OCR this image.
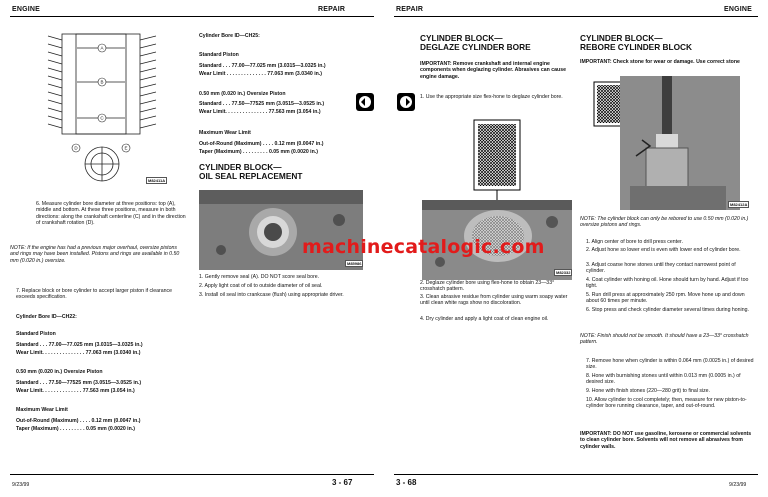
ENGINE	REPAIR
A
B
C
D	E
M82411A
6. Measure cylinder bore diameter at three positions: top (A), middle and bottom. At these three positions, measure in both directions: along the crankshaft centerline (C) and in the direction of crankshaft rotation (D).
NOTE: If the engine has had a previous major overhaul, oversize pistons and rings may have been installed. Pistons and rings are available in 0.50 mm (0.020 in.) oversize.
7. Replace block or bore cylinder to accept larger piston if clearance exceeds specification.
Cylinder Bore ID—CH22:
Standard Piston
Standard . . . 77.00—77.025 mm (3.0315—3.0325 in.)
Wear Limit. . . . . . . . . . . . . . . 77.063 mm (3.0340 in.)
0.50 mm (0.020 in.) Oversize Piston
Standard . . . 77.50—77525 mm (3.0515—3.0525 in.)
Wear Limit. . . . . . . . . . . . . . 77.563 mm (3.054 in.)
Maximum Wear Limit
Out-of-Round (Maximum) . . . . 0.12 mm (0.0047 in.)
Taper (Maximum) . . . . . . . . . 0.05 mm (0.0020 in.)
Cylinder Bore ID—CH25:
Standard Piston
Standard . . . 77.00—77.025 mm (3.0315—3.0325 in.)
Wear Limit . . . . . . . . . . . . . . 77.063 mm (3.0340 in.)
0.50 mm (0.020 in.) Oversize Piston
Standard . . . 77.50—77525 mm (3.0515—3.0525 in.)
Wear Limit. . . . . . . . . . . . . . . 77.563 mm (3.054 in.)
Maximum Wear Limit
Out-of-Round (Maximum) . . . . 0.12 mm (0.0047 in.)
Taper (Maximum) . . . . . . . . . 0.05 mm (0.0020 in.)
CYLINDER BLOCK—
OIL SEAL REPLACEMENT
M85986
1. Gently remove seal (A). DO NOT score seal bore.
2. Apply light coat of oil to outside diameter of oil seal.
3. Install oil seal into crankcase (flush) using appropriate driver.
9/23/99	3 - 67
REPAIR	ENGINE
CYLINDER BLOCK—
DEGLAZE CYLINDER BORE
IMPORTANT: Remove crankshaft and internal engine components when deglazing cylinder. Abrasives can cause engine damage.
1. Use the appropriate size flex-hone to deglaze cylinder bore.
M82332
2. Deglaze cylinder bore using flex-hone to obtain 23—33° crosshatch pattern.
3. Clean abrasive residue from cylinder using warm soapy water until clean white rags show no discoloration.
4. Dry cylinder and apply a light coat of clean engine oil.
CYLINDER BLOCK—
REBORE CYLINDER BLOCK
IMPORTANT: Check stone for wear or damage. Use correct stone
M82412A
NOTE: The cylinder block can only be rebored to use 0.50 mm (0.020 in.) oversize pistons and rings.
1. Align center of bore to drill press center.
2. Adjust hone so lower end is even with lower end of cylinder bore.
3. Adjust coarse hone stones until they contact narrowest point of cylinder.
4. Coat cylinder with honing oil. Hone should turn by hand. Adjust if too tight.
5. Run drill press at approximately 250 rpm. Move hone up and down about 60 times per minute.
6. Stop press and check cylinder diameter several times during honing.
NOTE: Finish should not be smooth. It should have a 23—33° crosshatch pattern.
7. Remove hone when cylinder is within 0.064 mm (0.0025 in.) of desired size.
8. Hone with burnishing stones until within 0.013 mm (0.0005 in.) of desired size.
9. Hone with finish stones (220—280 grit) to final size.
10. Allow cylinder to cool completely; then, measure for new piston-to-cylinder bore running clearance, taper, and out-of-round.
IMPORTANT: DO NOT use gasoline, kerosene or commercial solvents to clean cylinder bore. Solvents will not remove all abrasives from cylinder walls.
3 - 68	9/23/99
machinecatalogic.com
